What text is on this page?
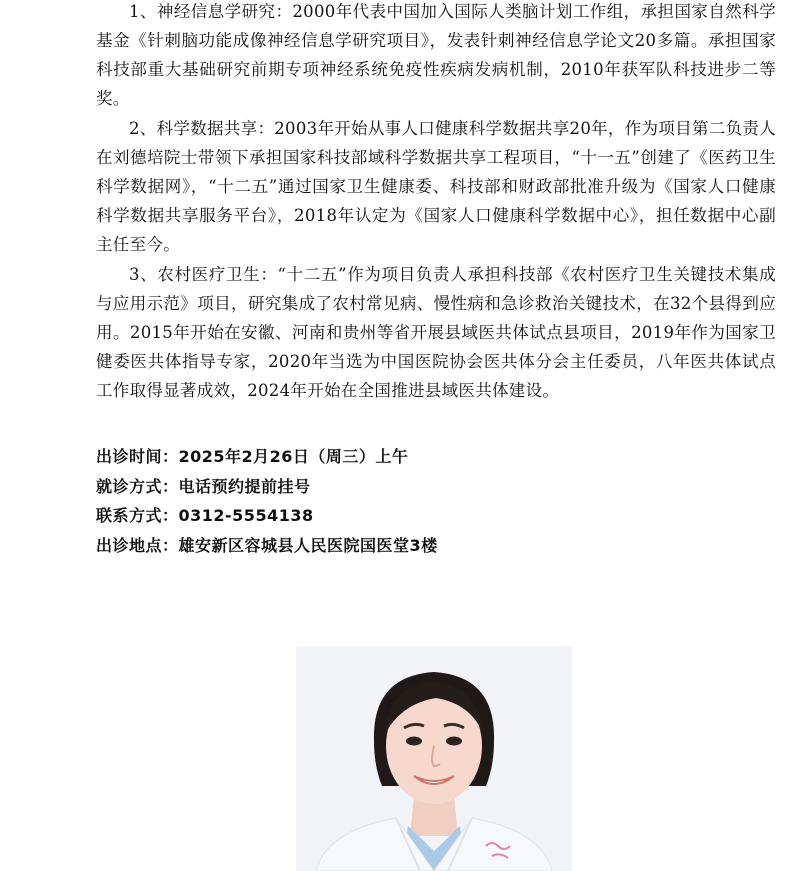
1、神经信息学研究：2000年代表中国加入国际人类脑计划工作组，承担国家自然科学基金《针刺脑功能成像神经信息学研究项目》，发表针刺神经信息学论文20多篇。承担国家科技部重大基础研究前期专项神经系统免疫性疾病发病机制，2010年获军队科技进步二等奖。

2、科学数据共享：2003年开始从事人口健康科学数据共享20年，作为项目第二负责人在刘德培院士带领下承担国家科技部域科学数据共享工程项目，“十一五”创建了《医药卫生科学数据网》，“十二五”通过国家卫生健康委、科技部和财政部批准升级为《国家人口健康科学数据共享服务平台》，2018年认定为《国家人口健康科学数据中心》，担任数据中心副主任至今。

3、农村医疗卫生：“十二五”作为项目负责人承担科技部《农村医疗卫生关键技术集成与应用示范》项目，研究集成了农村常见病、慢性病和急诊救治关键技术，在32个县得到应用。2015年开始在安徽、河南和贵州等省开展县域医共体试点县项目，2019年作为国家卫健委医共体指导专家，2020年当选为中国医院协会医共体分会主任委员，八年医共体试点工作取得显著成效，2024年开始在全国推进县域医共体建设。

出诊时间：2025年2月26日（周三）上午
就诊方式：电话预约提前挂号
联系方式：0312-5554138
出诊地点：雄安新区容城县人民医院国医堂3楼
